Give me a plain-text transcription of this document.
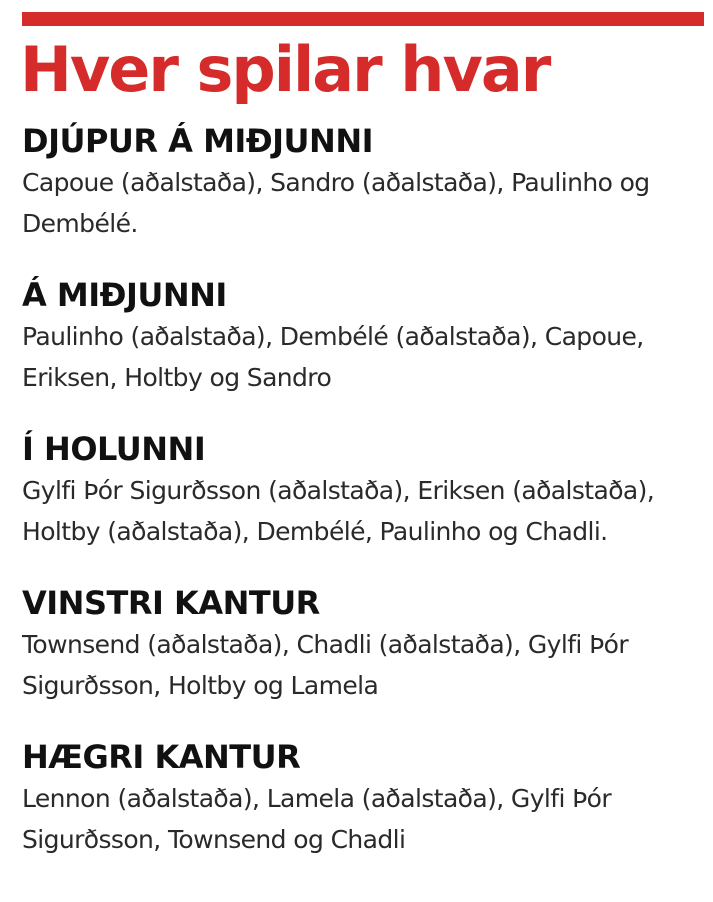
Hver spilar hvar
DJÚPUR Á MIÐJUNNI

Capoue (aðalstaða), Sandro (aðalstaða), Paulinho og Dembélé.

Á MIÐJUNNI

Paulinho (aðalstaða), Dembélé (aðalstaða), Capoue, Eriksen, Holtby og Sandro

Í HOLUNNI

Gylfi Þór Sigurðsson (aðalstaða), Eriksen (aðalstaða), Holtby (aðalstaða), Dembélé, Paulinho og Chadli.

VINSTRI KANTUR

Townsend (aðalstaða), Chadli (aðalstaða), Gylfi Þór Sigurðsson, Holtby og Lamela

HÆGRI KANTUR

Lennon (aðalstaða), Lamela (aðalstaða), Gylfi Þór Sigurðsson, Townsend og Chadli
